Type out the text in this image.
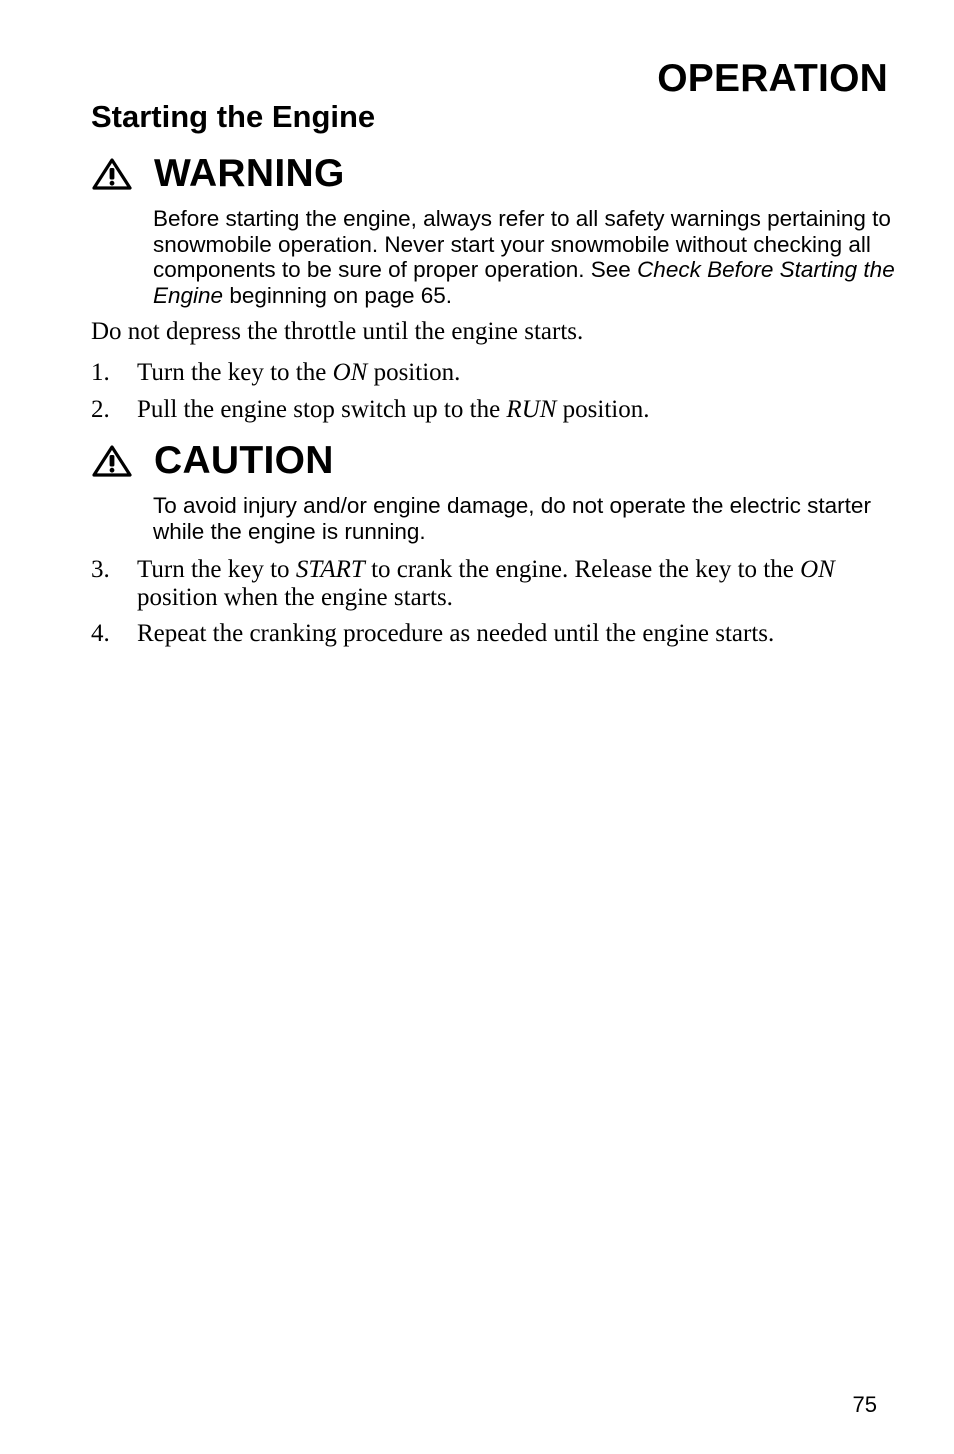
OPERATION
Starting the Engine
WARNING

Before starting the engine, always refer to all safety warnings pertaining to snowmobile operation. Never start your snowmobile without checking all components to be sure of proper operation. See Check Before Starting the Engine beginning on page 65.

Do not depress the throttle until the engine starts.

1. Turn the key to the ON position.
2. Pull the engine stop switch up to the RUN position.
CAUTION

To avoid injury and/or engine damage, do not operate the electric starter while the engine is running.

3. Turn the key to START to crank the engine. Release the key to the ON position when the engine starts.
4. Repeat the cranking procedure as needed until the engine starts.
75
